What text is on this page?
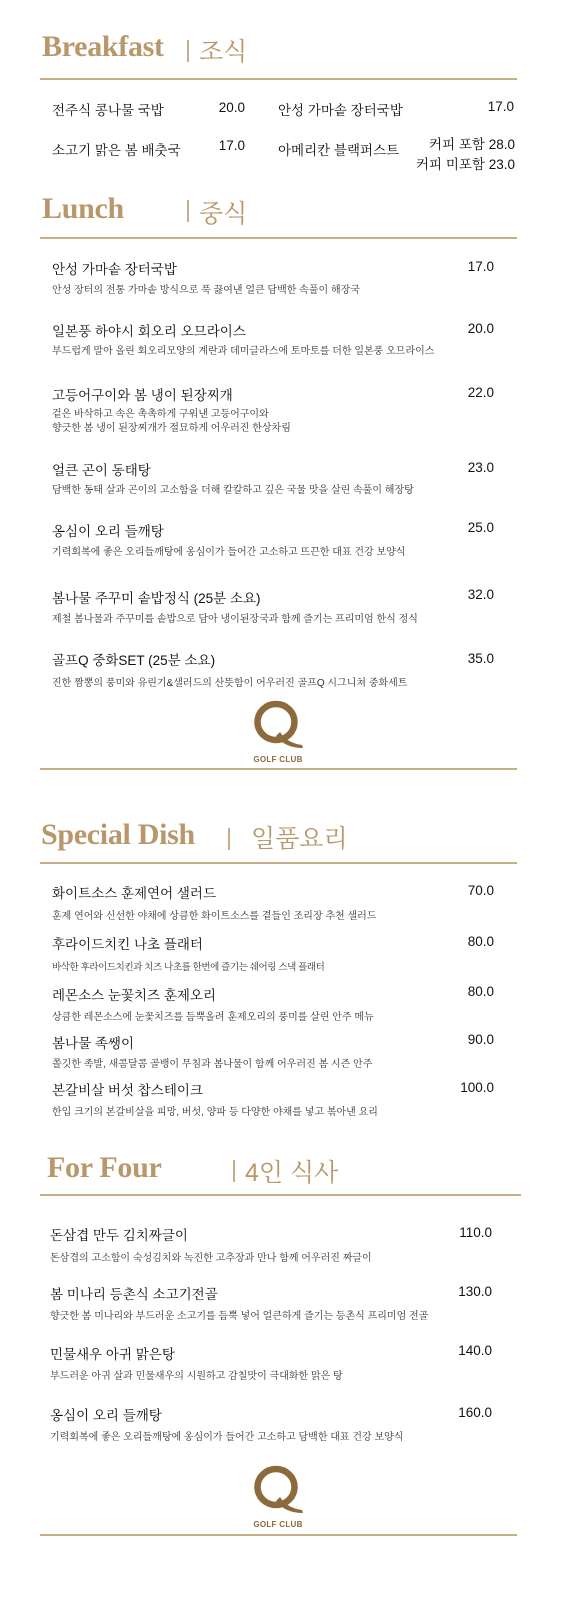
Breakfast 조식
전주식 콩나물 국밥	20.0 안성 가마솥 장터국밥	17.0
소고기 맑은 봄 배춧국	17.0 아메리칸 블랙퍼스트	커피 포함 28.0
커피 미포함 23.0
Lunch	중식
안성 가마솥 장터국밥	17.0
안성 장터의 전통 가마솥 방식으로 푹 끓여낸 얼큰 담백한 속풀이 해장국
일본풍 하야시 회오리 오므라이스	20.0
부드럽게 말아 올린 회오리모양의 계란과 데미글라스에 토마토를 더한 일본풍 오므라이스
고등어구이와 봄 냉이 된장찌개	22.0
겉은 바삭하고 속은 촉촉하게 구워낸 고등어구이와
향긋한 봄 냉이 된장찌개가 절묘하게 어우러진 한상차림
얼큰 곤이 동태탕	23.0
담백한 동태 살과 곤이의 고소함을 더해 칼칼하고 깊은 국물 맛을 살린 속풀이 해장탕
옹심이 오리 들깨탕	25.0
기력회복에 좋은 오리들깨탕에 옹심이가 들어간 고소하고 뜨끈한 대표 건강 보양식
봄나물 주꾸미 솥밥정식 (25분 소요)	32.0
제철 봄나물과 주꾸미를 솥밥으로 담아 냉이된장국과 함께 즐기는 프리미엄 한식 정식
골프Q 중화SET (25분 소요)	35.0
진한 짬뽕의 풍미와 유린기&샐러드의 산뜻함이 어우러진 골프Q 시그니쳐 중화세트
GOLF CLUB
Special Dish 일품요리
화이트소스 훈제연어 샐러드	70.0
훈제 연어와 신선한 야채에 상큼한 화이트소스를 곁들인 조리장 추천 샐러드
후라이드치킨 나초 플래터	80.0
바삭한 후라이드치킨과 치즈 나초를 한번에 즐기는 쉐어링 스낵 플래터
레몬소스 눈꽃치즈 훈제오리	80.0
상큼한 레몬소스에 눈꽃치즈를 듬뿍올려 훈제오리의 풍미를 살린 안주 메뉴
봄나물 족쌩이	90.0
쫄깃한 족발, 새콤달콤 골뱅이 무침과 봄나물이 함께 어우러진 봄 시즌 안주
본갈비살 버섯 찹스테이크	100.0
한입 크기의 본갈비살을 피망, 버섯, 양파 등 다양한 야채를 넣고 볶아낸 요리
For Four	4인 식사
돈삼겹 만두 김치짜글이	110.0
돈삼겹의 고소함이 숙성김치와 녹진한 고추장과 만나 함께 어우러진 짜글이
봄 미나리 등촌식 소고기전골	130.0
향긋한 봄 미나리와 부드러운 소고기를 듬뿍 넣어 얼큰하게 즐기는 등촌식 프리미엄 전골
민물새우 아귀 맑은탕	140.0
부드러운 아귀 살과 민물새우의 시원하고 감칠맛이 극대화한 맑은 탕
옹심이 오리 들깨탕	160.0
기력회복에 좋은 오리들깨탕에 옹심이가 들어간 고소하고 담백한 대표 건강 보양식
GOLF CLUB
